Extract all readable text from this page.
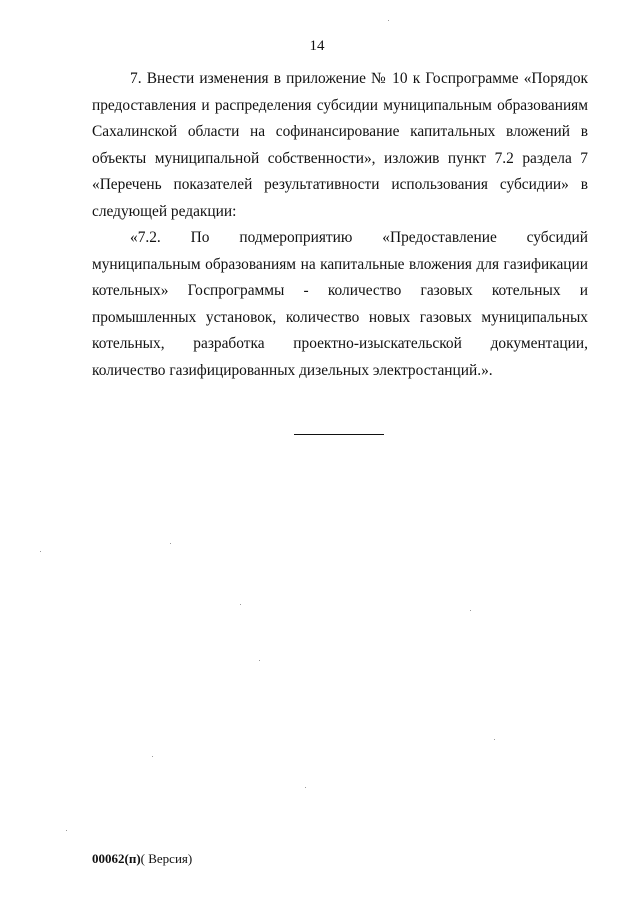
14

7. Внести изменения в приложение № 10 к Госпрограмме «Порядок предоставления и распределения субсидии муниципальным образованиям Сахалинской области на софинансирование капитальных вложений в объекты муниципальной собственности», изложив пункт 7.2 раздела 7 «Перечень показателей результативности использования субсидии» в следующей редакции:

«7.2. По подмероприятию «Предоставление субсидий муниципальным образованиям на капитальные вложения для газификации котельных» Госпрограммы - количество газовых котельных и промышленных установок, количество новых газовых муниципальных котельных, разработка проектно-изыскательской документации, количество газифицированных дизельных электростанций.».

00062(п)( Версия)
